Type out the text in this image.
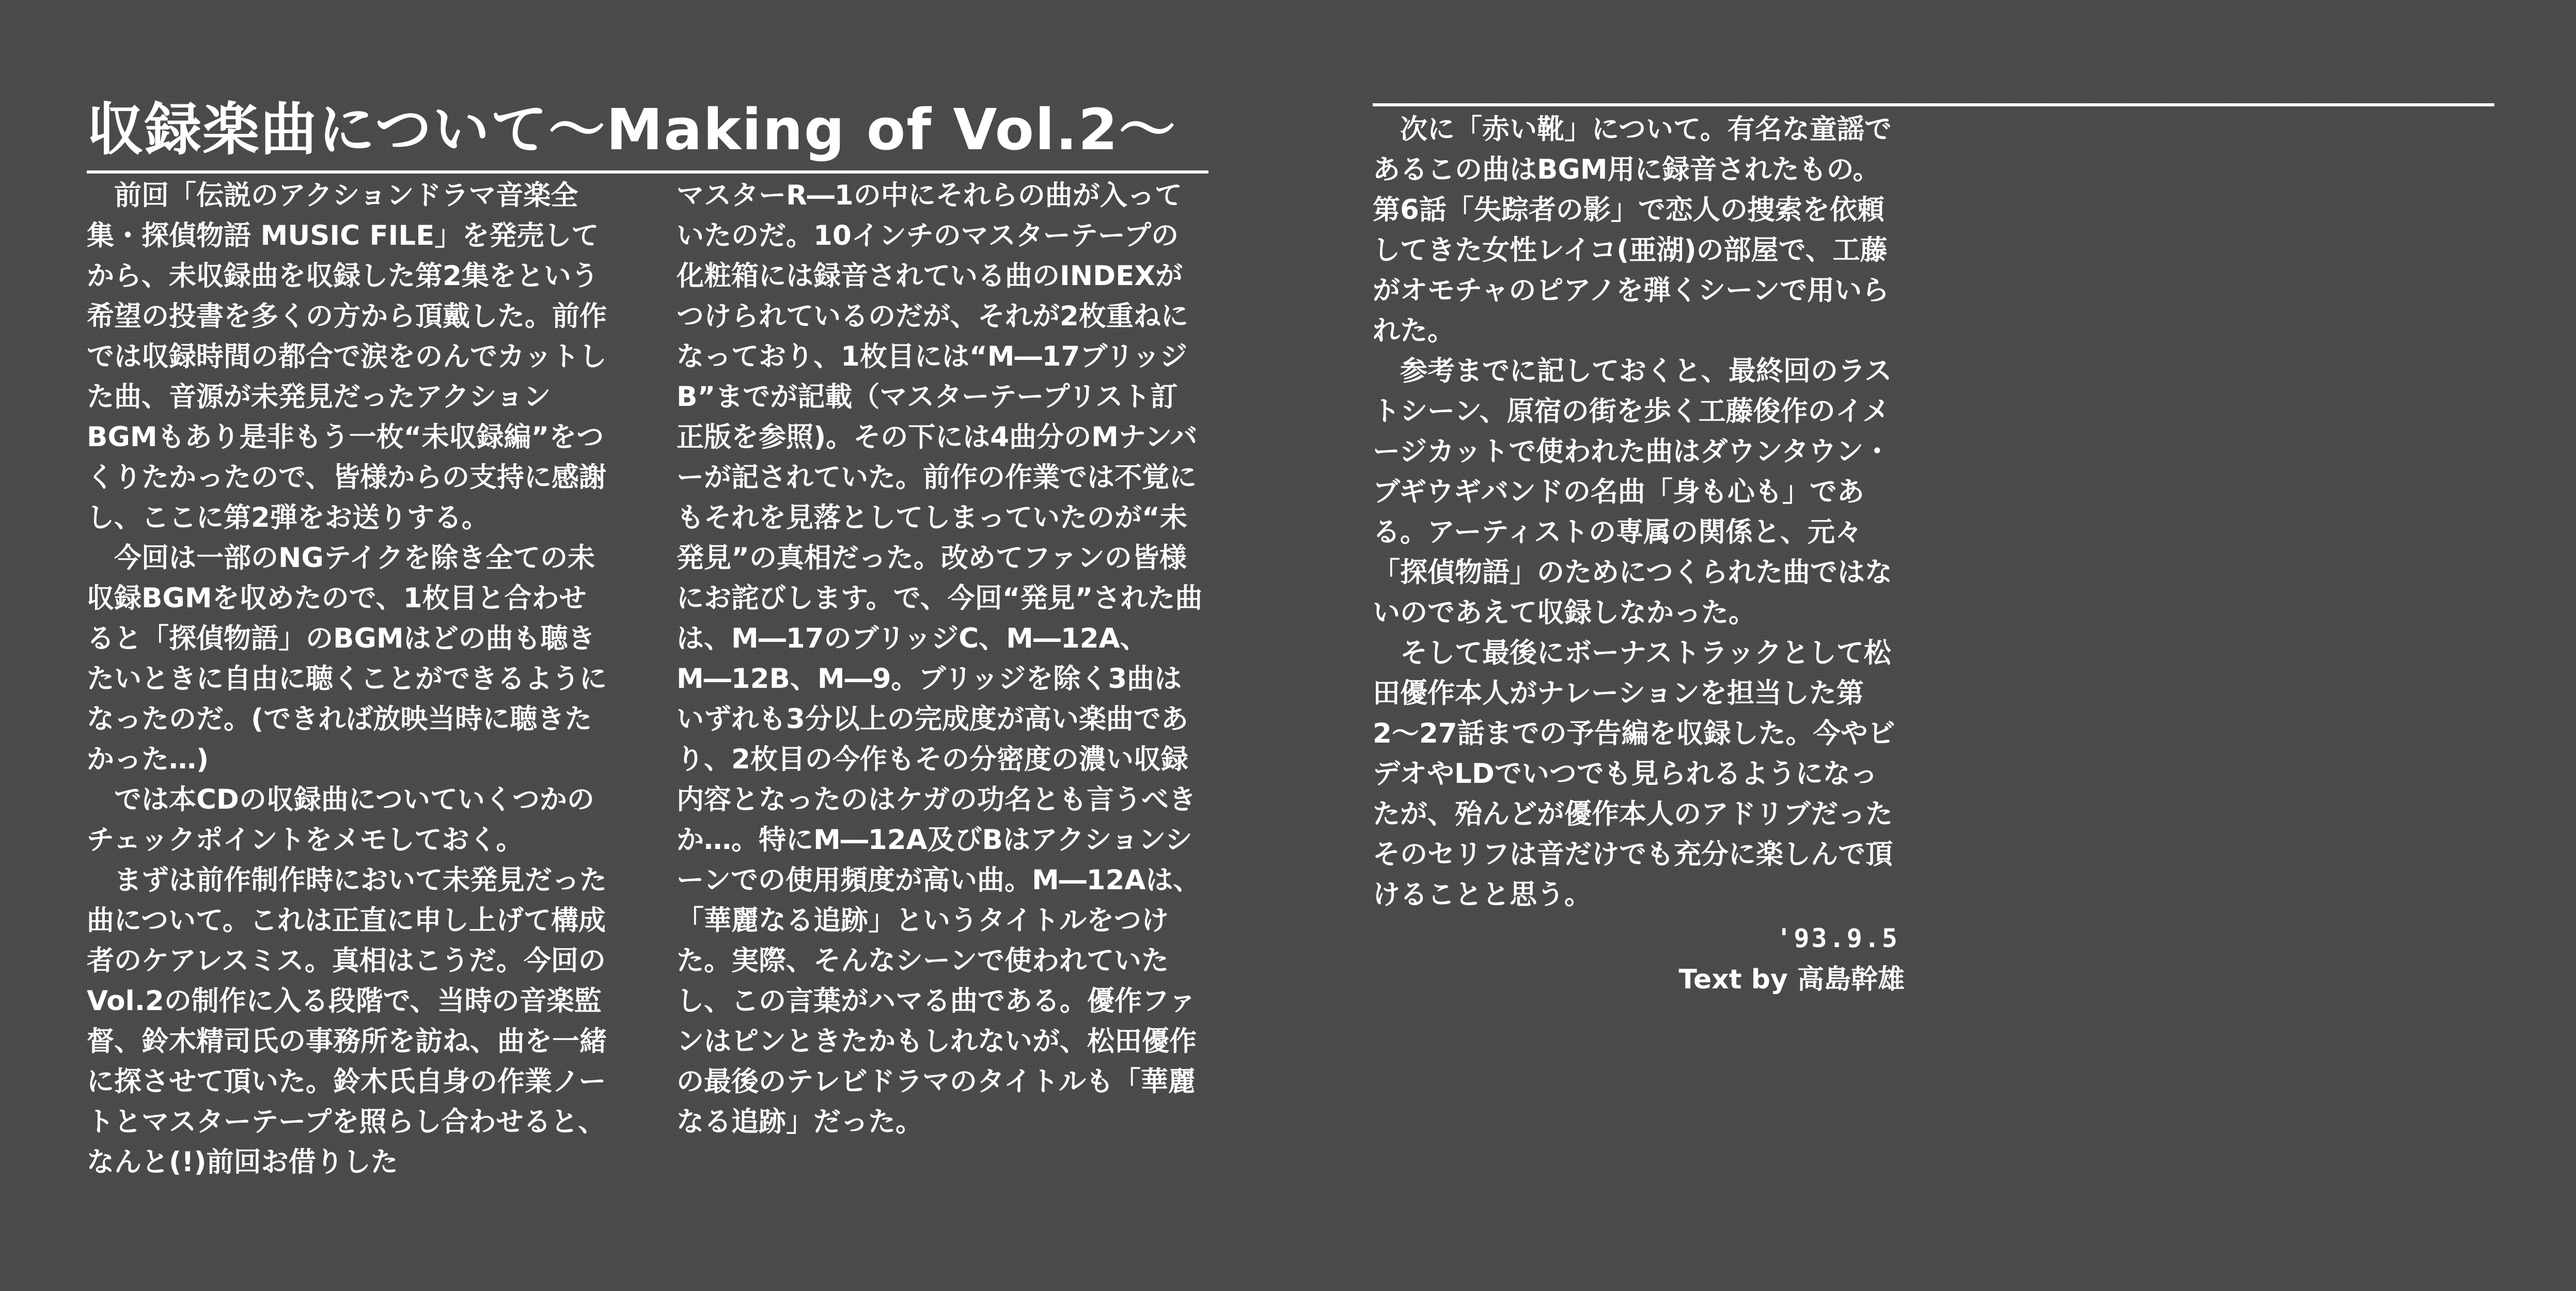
収録楽曲について〜Making of Vol.2〜

前回「伝説のアクションドラマ音楽全集・探偵物語 MUSIC FILE」を発売してから、未収録曲を収録した第2集をという希望の投書を多くの方から頂戴した。前作では収録時間の都合で涙をのんでカットした曲、音源が未発見だったアクションBGMもあり是非もう一枚“未収録編”をつくりたかったので、皆様からの支持に感謝し、ここに第2弾をお送りする。

今回は一部のNGテイクを除き全ての未収録BGMを収めたので、1枚目と合わせると「探偵物語」のBGMはどの曲も聴きたいときに自由に聴くことができるようになったのだ。(できれば放映当時に聴きたかった…)

では本CDの収録曲についていくつかのチェックポイントをメモしておく。

まずは前作制作時において未発見だった曲について。これは正直に申し上げて構成者のケアレスミス。真相はこうだ。今回のVol.2の制作に入る段階で、当時の音楽監督、鈴木精司氏の事務所を訪ね、曲を一緒に探させて頂いた。鈴木氏自身の作業ノートとマスターテープを照らし合わせると、なんと(!)前回お借りした

マスターR―1の中にそれらの曲が入っていたのだ。10インチのマスターテープの化粧箱には録音されている曲のINDEXがつけられているのだが、それが2枚重ねになっており、1枚目には“M―17ブリッジB”までが記載（マスターテープリスト訂正版を参照)。その下には4曲分のMナンバーが記されていた。前作の作業では不覚にもそれを見落としてしまっていたのが“未発見”の真相だった。改めてファンの皆様にお詫びします。で、今回“発見”された曲は、M―17のブリッジC、M―12A、M―12B、M―9。ブリッジを除く3曲はいずれも3分以上の完成度が高い楽曲であり、2枚目の今作もその分密度の濃い収録内容となったのはケガの功名とも言うべきか…。特にM―12A及びBはアクションシーンでの使用頻度が高い曲。M―12Aは、「華麗なる追跡」というタイトルをつけた。実際、そんなシーンで使われていたし、この言葉がハマる曲である。優作ファンはピンときたかもしれないが、松田優作の最後のテレビドラマのタイトルも「華麗なる追跡」だった。

次に「赤い靴」について。有名な童謡であるこの曲はBGM用に録音されたもの。第6話「失踪者の影」で恋人の捜索を依頼してきた女性レイコ(亜湖)の部屋で、工藤がオモチャのピアノを弾くシーンで用いられた。

参考までに記しておくと、最終回のラストシーン、原宿の街を歩く工藤俊作のイメージカットで使われた曲はダウンタウン・ブギウギバンドの名曲「身も心も」である。アーティストの専属の関係と、元々「探偵物語」のためにつくられた曲ではないのであえて収録しなかった。

そして最後にボーナストラックとして松田優作本人がナレーションを担当した第2〜27話までの予告編を収録した。今やビデオやLDでいつでも見られるようになったが、殆んどが優作本人のアドリブだったそのセリフは音だけでも充分に楽しんで頂けることと思う。

'93.9.5
Text by 高島幹雄
